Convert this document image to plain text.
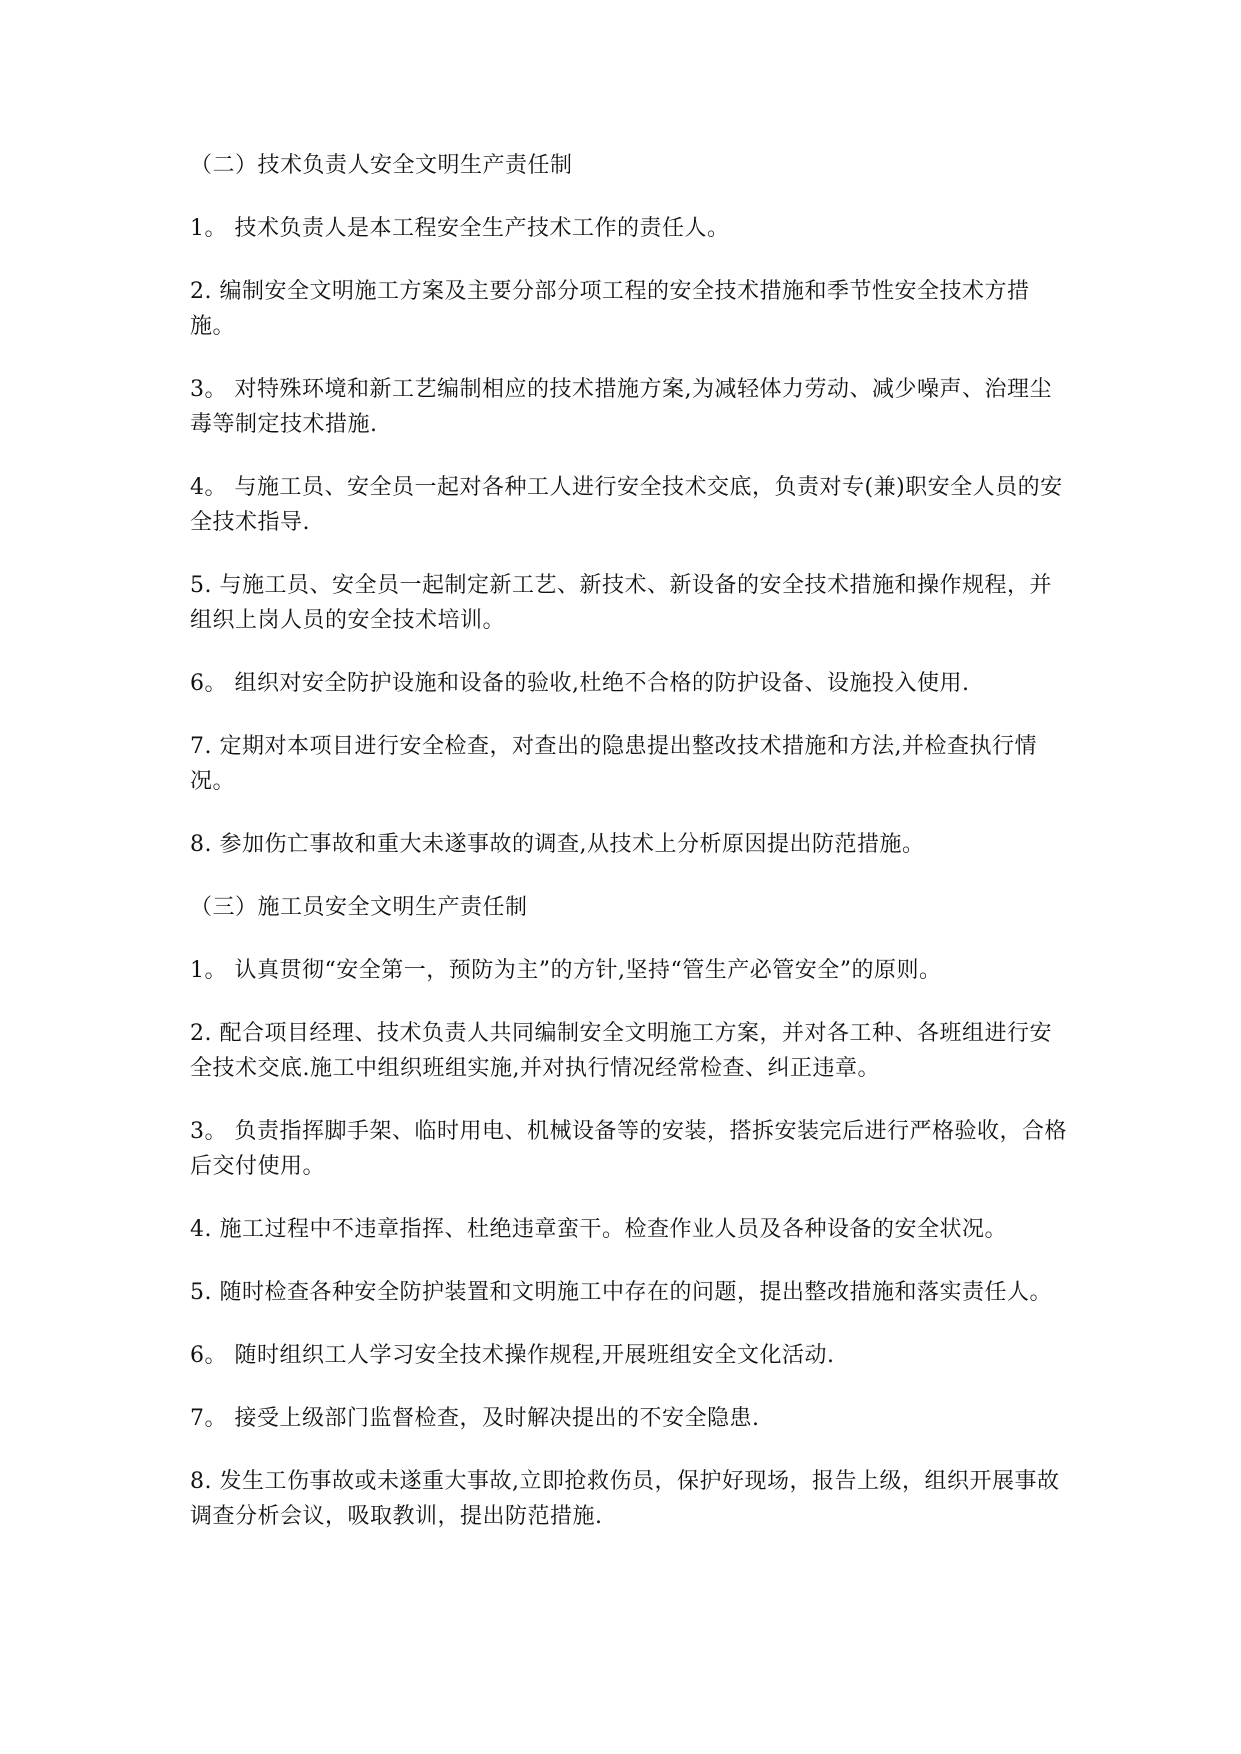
（二）技术负责人安全文明生产责任制
1。 技术负责人是本工程安全生产技术工作的责任人。
2. 编制安全文明施工方案及主要分部分项工程的安全技术措施和季节性安全技术方措施。
3。 对特殊环境和新工艺编制相应的技术措施方案,为减轻体力劳动、减少噪声、治理尘毒等制定技术措施.
4。 与施工员、安全员一起对各种工人进行安全技术交底，负责对专(兼)职安全人员的安全技术指导.
5. 与施工员、安全员一起制定新工艺、新技术、新设备的安全技术措施和操作规程，并组织上岗人员的安全技术培训。
6。 组织对安全防护设施和设备的验收,杜绝不合格的防护设备、设施投入使用.
7. 定期对本项目进行安全检查，对查出的隐患提出整改技术措施和方法,并检查执行情况。
8. 参加伤亡事故和重大未遂事故的调查,从技术上分析原因提出防范措施。
（三）施工员安全文明生产责任制
1。 认真贯彻“安全第一，预防为主”的方针,坚持“管生产必管安全”的原则。
2. 配合项目经理、技术负责人共同编制安全文明施工方案，并对各工种、各班组进行安全技术交底.施工中组织班组实施,并对执行情况经常检查、纠正违章。
3。 负责指挥脚手架、临时用电、机械设备等的安装，搭拆安装完后进行严格验收，合格后交付使用。
4. 施工过程中不违章指挥、杜绝违章蛮干。检查作业人员及各种设备的安全状况。
5. 随时检查各种安全防护装置和文明施工中存在的问题，提出整改措施和落实责任人。
6。 随时组织工人学习安全技术操作规程,开展班组安全文化活动.
7。 接受上级部门监督检查，及时解决提出的不安全隐患.
8. 发生工伤事故或未遂重大事故,立即抢救伤员，保护好现场，报告上级，组织开展事故调查分析会议，吸取教训，提出防范措施.
